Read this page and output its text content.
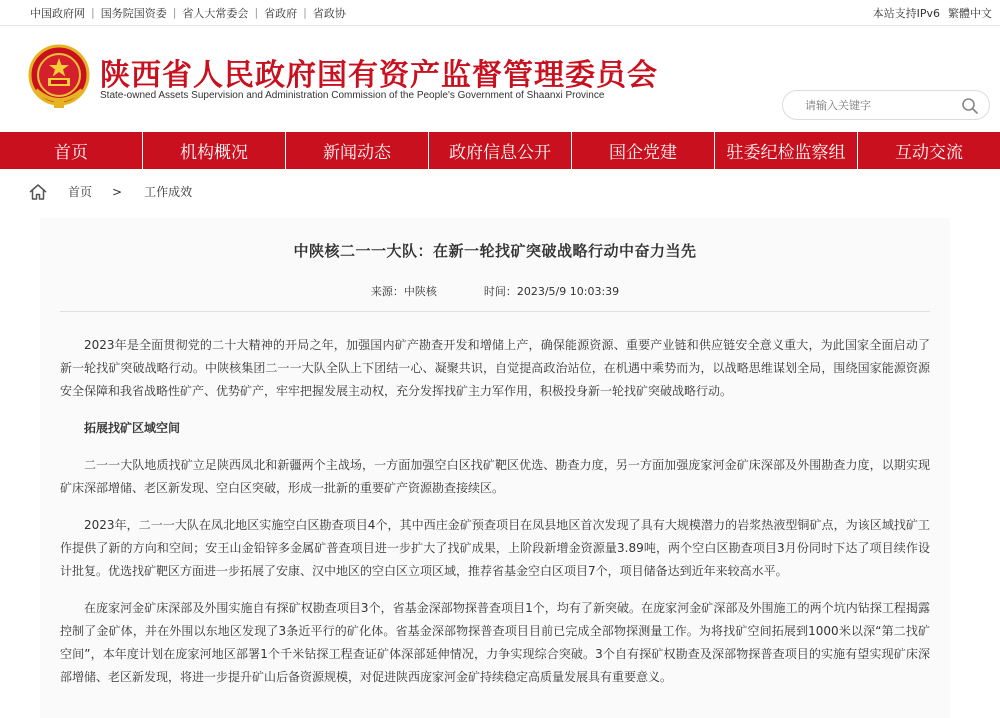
中国政府网 | 国务院国资委 | 省人大常委会 | 省政府 | 省政协	本站支持IPv6 繁體中文
陕西省人民政府国有资产监督管理委员会
State-owned Assets Supervision and Administration Commission of the People's Government of Shaanxi Province
请输入关键字
首页	机构概况	新闻动态	政府信息公开	国企党建	驻委纪检监察组	互动交流
首页 > 工作成效
中陕核二一一大队：在新一轮找矿突破战略行动中奋力当先
来源：中陕核	时间：2023/5/9 10:03:39

2023年是全面贯彻党的二十大精神的开局之年，加强国内矿产勘查开发和增储上产，确保能源资源、重要产业链和供应链安全意义重大，为此国家全面启动了新一轮找矿突破战略行动。中陕核集团二一一大队全队上下团结一心、凝聚共识，自觉提高政治站位，在机遇中乘势而为，以战略思维谋划全局，围绕国家能源资源安全保障和我省战略性矿产、优势矿产，牢牢把握发展主动权，充分发挥找矿主力军作用，积极投身新一轮找矿突破战略行动。

拓展找矿区域空间

二一一大队地质找矿立足陕西凤北和新疆两个主战场，一方面加强空白区找矿靶区优选、勘查力度，另一方面加强庞家河金矿床深部及外围勘查力度，以期实现矿床深部增储、老区新发现、空白区突破，形成一批新的重要矿产资源勘查接续区。

2023年，二一一大队在凤北地区实施空白区勘查项目4个，其中西庄金矿预查项目在凤县地区首次发现了具有大规模潜力的岩浆热液型铜矿点，为该区域找矿工作提供了新的方向和空间；安王山金铅锌多金属矿普查项目进一步扩大了找矿成果，上阶段新增金资源量3.89吨，两个空白区勘查项目3月份同时下达了项目续作设计批复。优选找矿靶区方面进一步拓展了安康、汉中地区的空白区立项区域，推荐省基金空白区项目7个，项目储备达到近年来较高水平。

在庞家河金矿床深部及外围实施自有探矿权勘查项目3个，省基金深部物探普查项目1个，均有了新突破。在庞家河金矿深部及外围施工的两个坑内钻探工程揭露控制了金矿体，并在外围以东地区发现了3条近平行的矿化体。省基金深部物探普查项目目前已完成全部物探测量工作。为将找矿空间拓展到1000米以深“第二找矿空间”，本年度计划在庞家河地区部署1个千米钻探工程查证矿体深部延伸情况，力争实现综合突破。3个自有探矿权勘查及深部物探普查项目的实施有望实现矿床深部增储、老区新发现，将进一步提升矿山后备资源规模，对促进陕西庞家河金矿持续稳定高质量发展具有重要意义。
